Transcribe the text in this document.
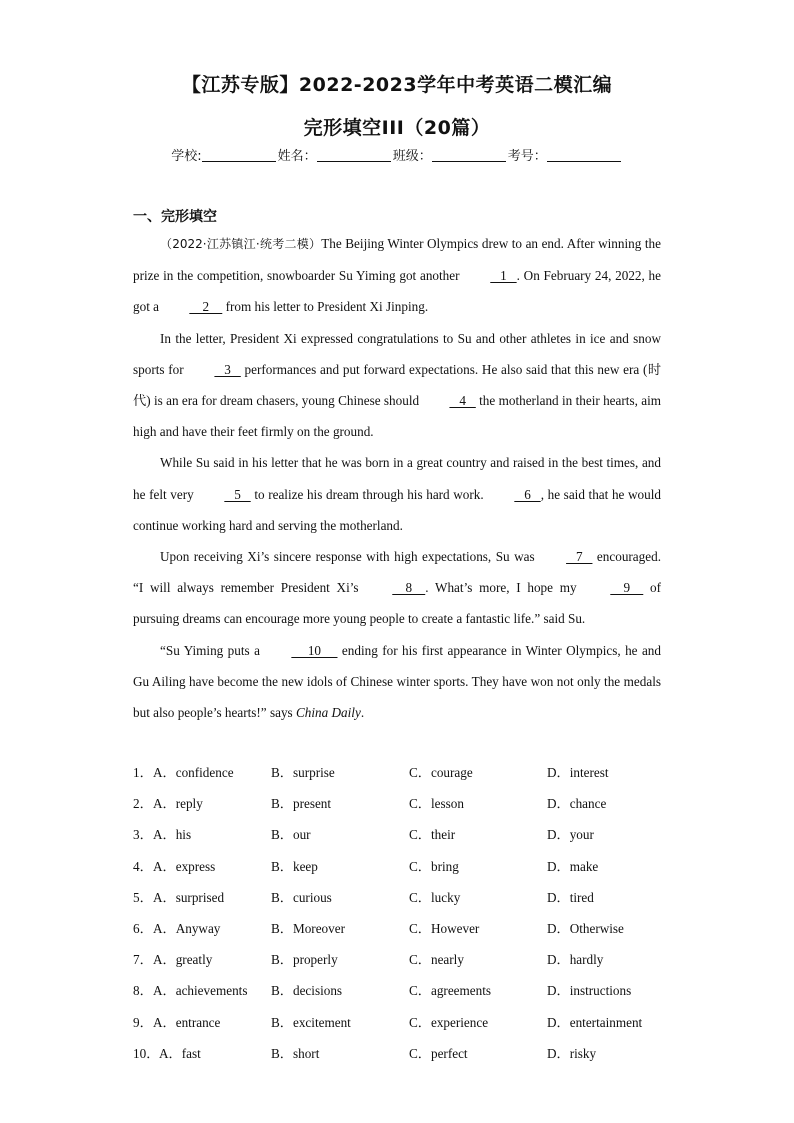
【江苏专版】2022-2023学年中考英语二模汇编
完形填空III（20篇）
学校:	姓名：	班级：	考号：
一、完形填空

（2022·江苏镇江·统考二模）The Beijing Winter Olympics drew to an end. After winning the prize in the competition, snowboarder Su Yiming got another    1   . On February 24, 2022, he got a     2     from his letter to President Xi Jinping.

In the letter, President Xi expressed congratulations to Su and other athletes in ice and snow sports for    3    performances and put forward expectations. He also said that this new era (时代) is an era for dream chasers, young Chinese should    4    the motherland in their hearts, aim high and have their feet firmly on the ground.

While Su said in his letter that he was born in a great country and raised in the best times, and he felt very    5    to realize his dream through his hard work.    6   , he said that he would continue working hard and serving the motherland.

Upon receiving Xi’s sincere response with high expectations, Su was    7    encouraged. “I will always remember President Xi’s     8    . What’s more, I hope my     9     of pursuing dreams can encourage more young people to create a fantastic life.” said Su.

“Su Yiming puts a      10      ending for his first appearance in Winter Olympics, he and Gu Ailing have become the new idols of Chinese winter sports. They have won not only the medals but also people’s hearts!” says China Daily.

1． A．confidence	B．surprise	C．courage	D．interest
2． A．reply	B．present	C．lesson	D．chance
3． A．his	B．our	C．their	D．your
4． A．express	B．keep	C．bring	D．make
5． A．surprised	B．curious	C．lucky	D．tired
6． A．Anyway	B．Moreover	C．However	D．Otherwise
7． A．greatly	B．properly	C．nearly	D．hardly
8． A．achievements B．decisions	C．agreements	D．instructions
9． A．entrance	B．excitement	C．experience	D．entertainment
10． A．fast	B．short	C．perfect	D．risky
